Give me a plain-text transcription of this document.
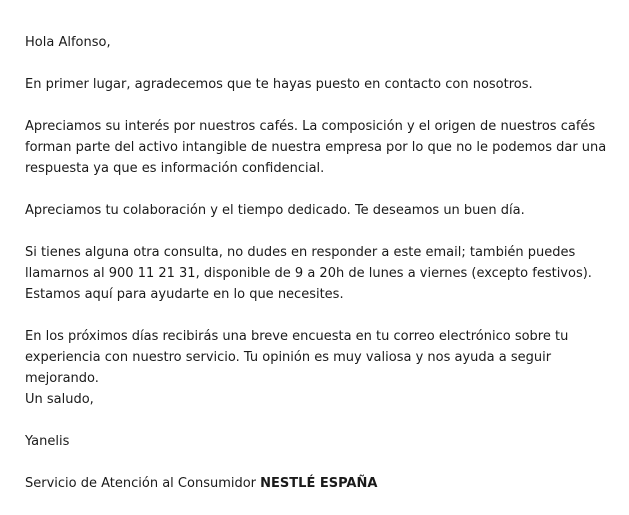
Hola Alfonso,

En primer lugar, agradecemos que te hayas puesto en contacto con nosotros.

Apreciamos su interés por nuestros cafés. La composición y el origen de nuestros cafés forman parte del activo intangible de nuestra empresa por lo que no le podemos dar una respuesta ya que es información confidencial.

Apreciamos tu colaboración y el tiempo dedicado. Te deseamos un buen día.

Si tienes alguna otra consulta, no dudes en responder a este email; también puedes llamarnos al 900 11 21 31, disponible de 9 a 20h de lunes a viernes (excepto festivos). Estamos aquí para ayudarte en lo que necesites.

En los próximos días recibirás una breve encuesta en tu correo electrónico sobre tu experiencia con nuestro servicio. Tu opinión es muy valiosa y nos ayuda a seguir mejorando.

Un saludo,

Yanelis

Servicio de Atención al Consumidor NESTLÉ ESPAÑA
